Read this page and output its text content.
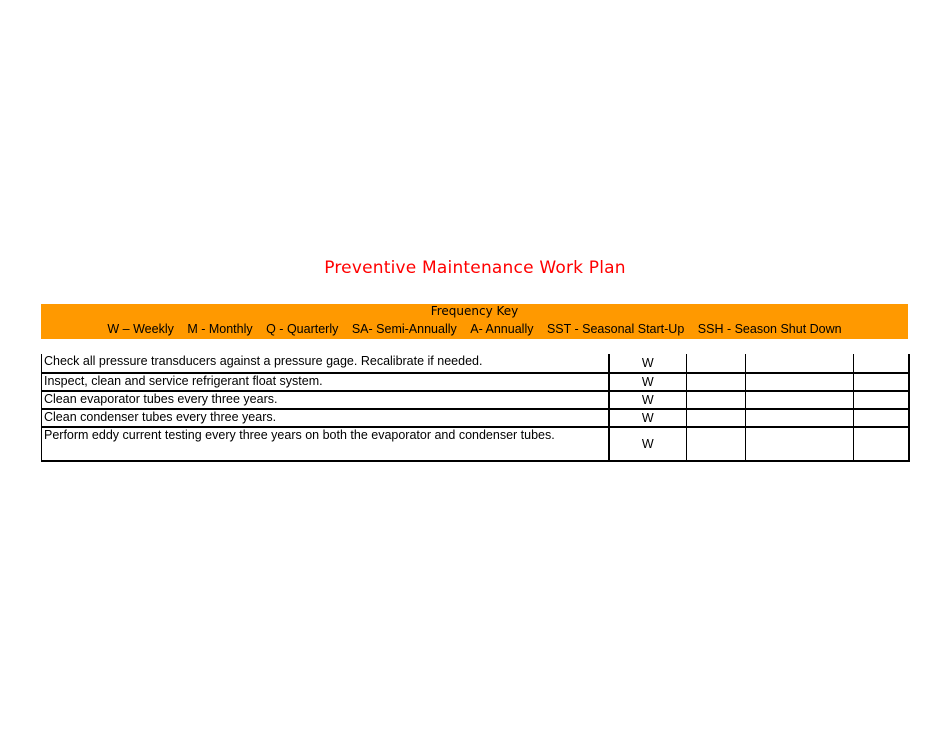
Preventive Maintenance Work Plan
Frequency Key
W – Weekly M - Monthly Q - Quarterly SA- Semi-Annually A- Annually SST - Seasonal Start-Up SSH - Season Shut Down
Check all pressure transducers against a pressure gage. Recalibrate if needed.	W			
Inspect, clean and service refrigerant float system.	W			
Clean evaporator tubes every three years.	W			
Clean condenser tubes every three years.	W			
Perform eddy current testing every three years on both the evaporator and condenser tubes.	W			
